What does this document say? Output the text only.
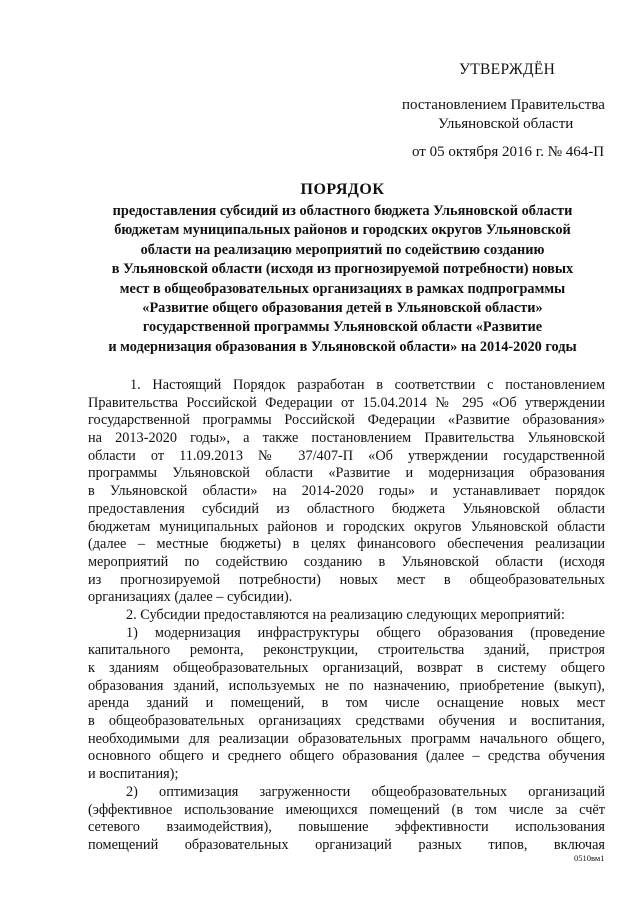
УТВЕРЖДЁН
постановлением Правительства
Ульяновской области
от 05 октября 2016 г. № 464-П
ПОРЯДОК
предоставления субсидий из областного бюджета Ульяновской области
бюджетам муниципальных районов и городских округов Ульяновской
области на реализацию мероприятий по содействию созданию
в Ульяновской области (исходя из прогнозируемой потребности) новых
мест в общеобразовательных организациях в рамках подпрограммы
«Развитие общего образования детей в Ульяновской области»
государственной программы Ульяновской области «Развитие
и модернизация образования в Ульяновской области» на 2014-2020 годы
1. Настоящий Порядок разработан в соответствии с постановлением
Правительства Российской Федерации от 15.04.2014 № 295 «Об утверждении
государственной программы Российской Федерации «Развитие образования»
на 2013-2020 годы», а также постановлением Правительства Ульяновской
области от 11.09.2013 № 37/407-П «Об утверждении государственной
программы Ульяновской области «Развитие и модернизация образования
в Ульяновской области» на 2014-2020 годы» и устанавливает порядок
предоставления субсидий из областного бюджета Ульяновской области
бюджетам муниципальных районов и городских округов Ульяновской области
(далее – местные бюджеты) в целях финансового обеспечения реализации
мероприятий по содействию созданию в Ульяновской области (исходя
из прогнозируемой потребности) новых мест в общеобразовательных
организациях (далее – субсидии).
2. Субсидии предоставляются на реализацию следующих мероприятий:
1) модернизация инфраструктуры общего образования (проведение
капитального ремонта, реконструкции, строительства зданий, пристроя
к зданиям общеобразовательных организаций, возврат в систему общего
образования зданий, используемых не по назначению, приобретение (выкуп),
аренда зданий и помещений, в том числе оснащение новых мест
в общеобразовательных организациях средствами обучения и воспитания,
необходимыми для реализации образовательных программ начального общего,
основного общего и среднего общего образования (далее – средства обучения
и воспитания);
2) оптимизация загруженности общеобразовательных организаций
(эффективное использование имеющихся помещений (в том числе за счёт
сетевого взаимодействия), повышение эффективности использования
помещений образовательных организаций разных типов, включая
0510вм1
